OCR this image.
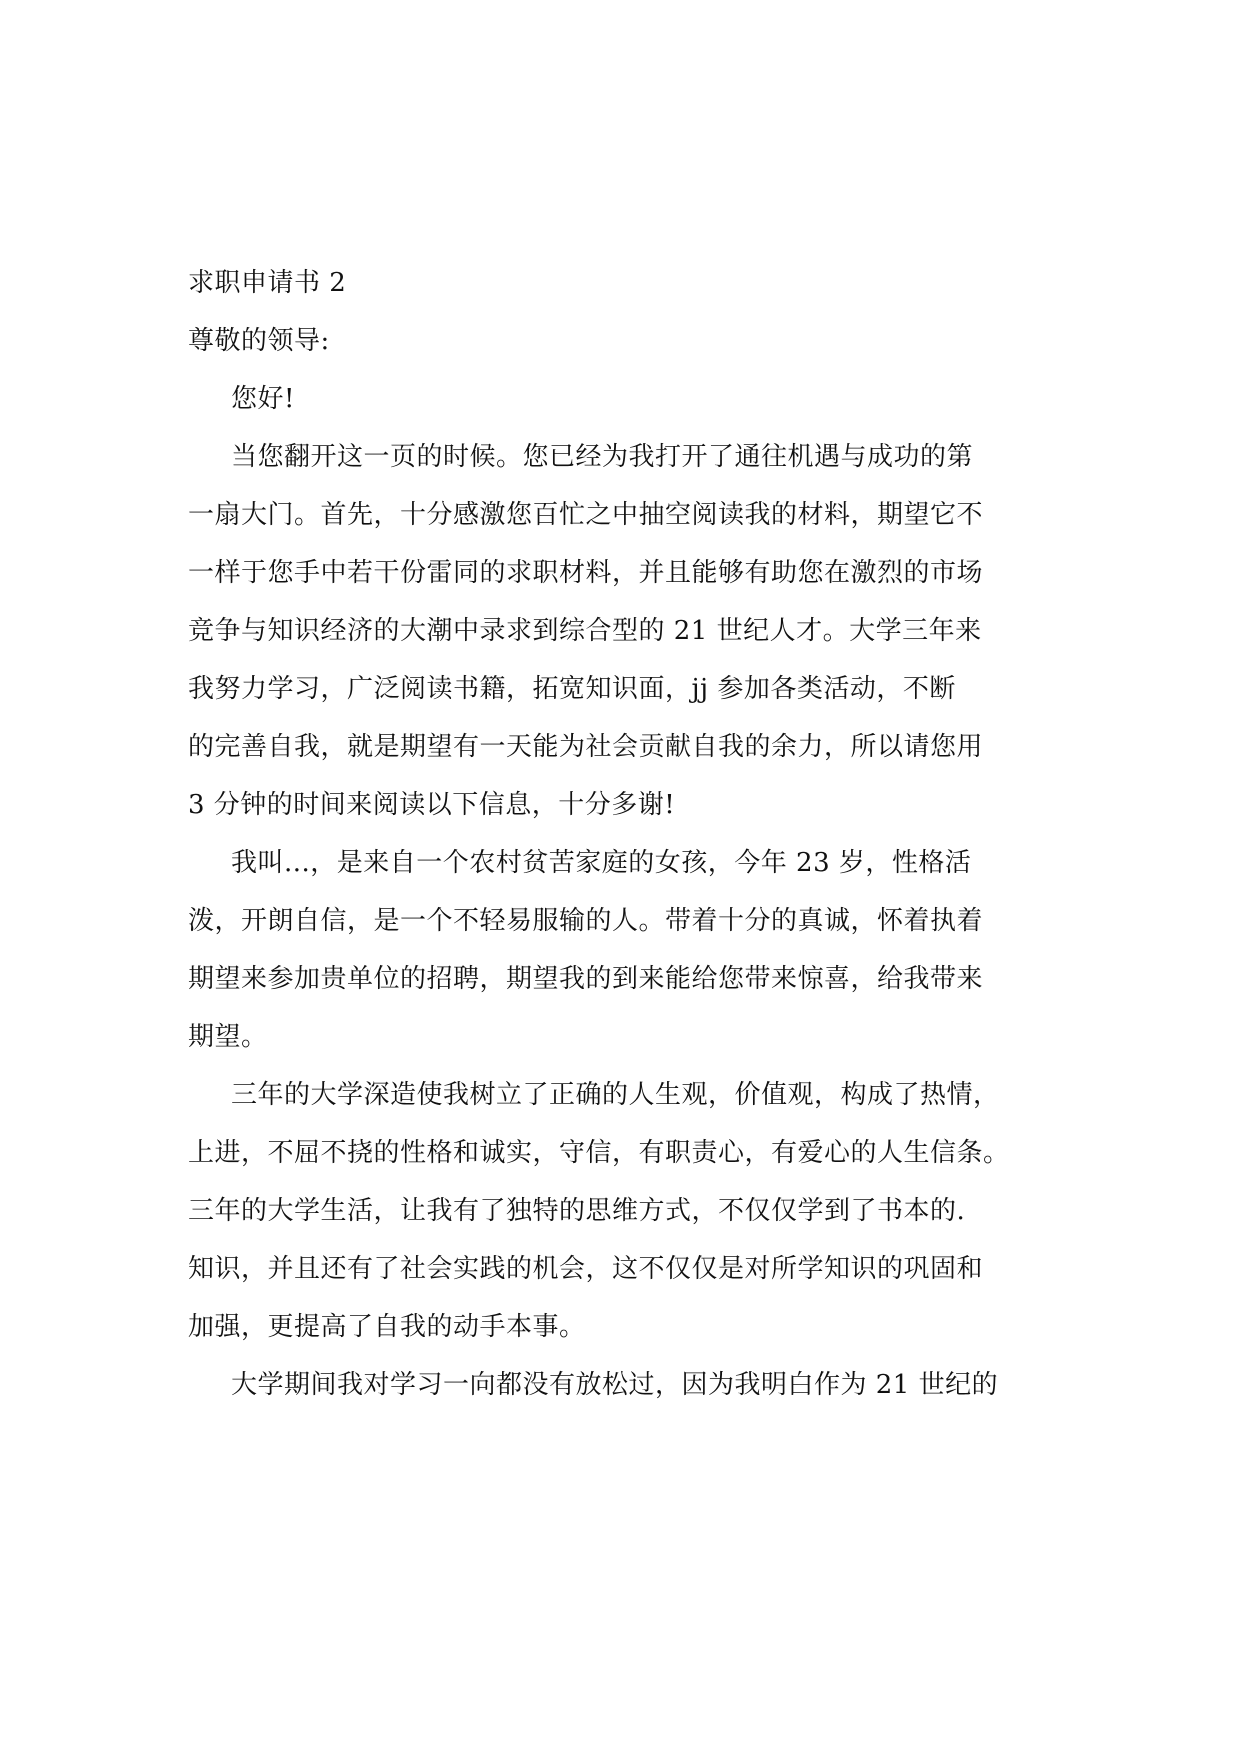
求职申请书 2
尊敬的领导:
您好!
当您翻开这一页的时候。您已经为我打开了通往机遇与成功的第
一扇大门。首先，十分感激您百忙之中抽空阅读我的材料，期望它不
一样于您手中若干份雷同的求职材料，并且能够有助您在激烈的市场
竞争与知识经济的大潮中录求到综合型的 21 世纪人才。大学三年来
我努力学习，广泛阅读书籍，拓宽知识面，jj 参加各类活动，不断
的完善自我，就是期望有一天能为社会贡献自我的余力，所以请您用
3 分钟的时间来阅读以下信息，十分多谢!
我叫...，是来自一个农村贫苦家庭的女孩，今年 23 岁，性格活
泼，开朗自信，是一个不轻易服输的人。带着十分的真诚，怀着执着
期望来参加贵单位的招聘，期望我的到来能给您带来惊喜，给我带来
期望。
三年的大学深造使我树立了正确的人生观，价值观，构成了热情，
上进，不屈不挠的性格和诚实，守信，有职责心，有爱心的人生信条。
三年的大学生活，让我有了独特的思维方式，不仅仅学到了书本的.
知识，并且还有了社会实践的机会，这不仅仅是对所学知识的巩固和
加强，更提高了自我的动手本事。
大学期间我对学习一向都没有放松过，因为我明白作为 21 世纪的
